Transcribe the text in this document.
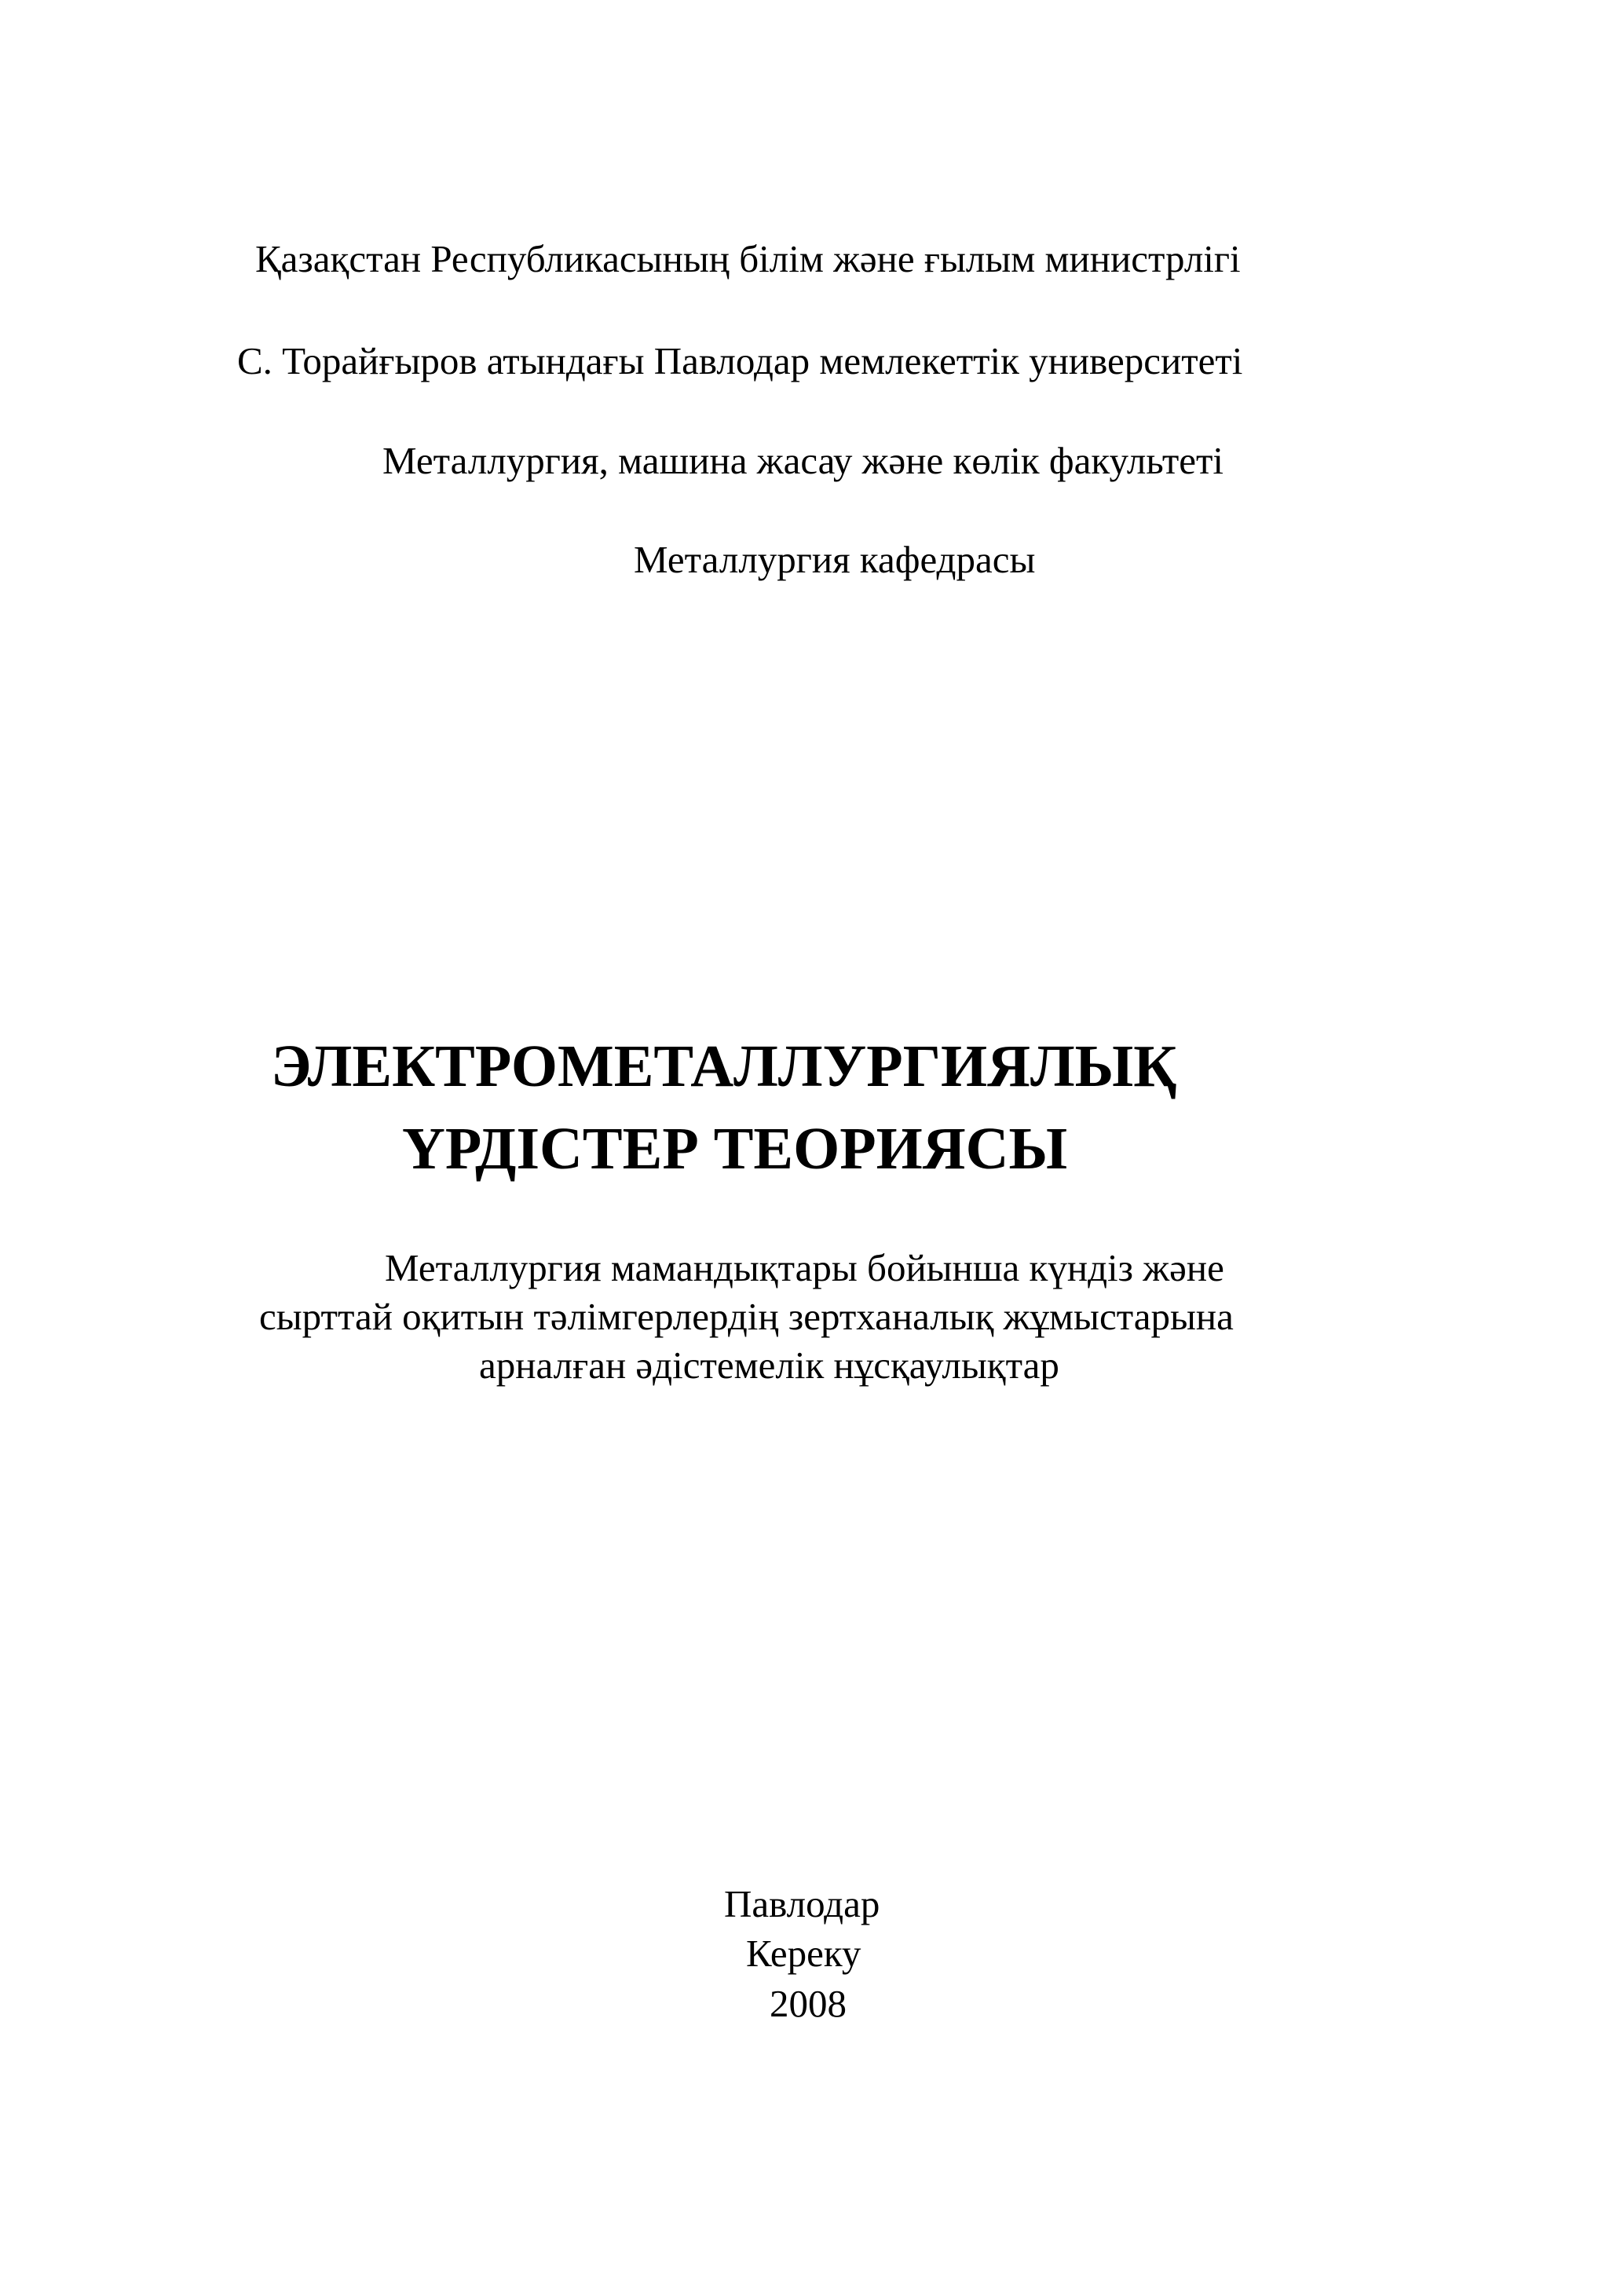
Қазақстан Республикасының білім және ғылым министрлігі
С. Торайғыров атындағы Павлодар мемлекеттік университеті
Металлургия, машина жасау және көлік факультеті
Металлургия кафедрасы
ЭЛЕКТРОМЕТАЛЛУРГИЯЛЫҚ
ҮРДІСТЕР ТЕОРИЯСЫ
Металлургия мамандықтары бойынша күндіз және
сырттай оқитын тәлімгерлердің зертханалық жұмыстарына
арналған әдістемелік нұсқаулықтар
Павлодар
Кереку
2008
